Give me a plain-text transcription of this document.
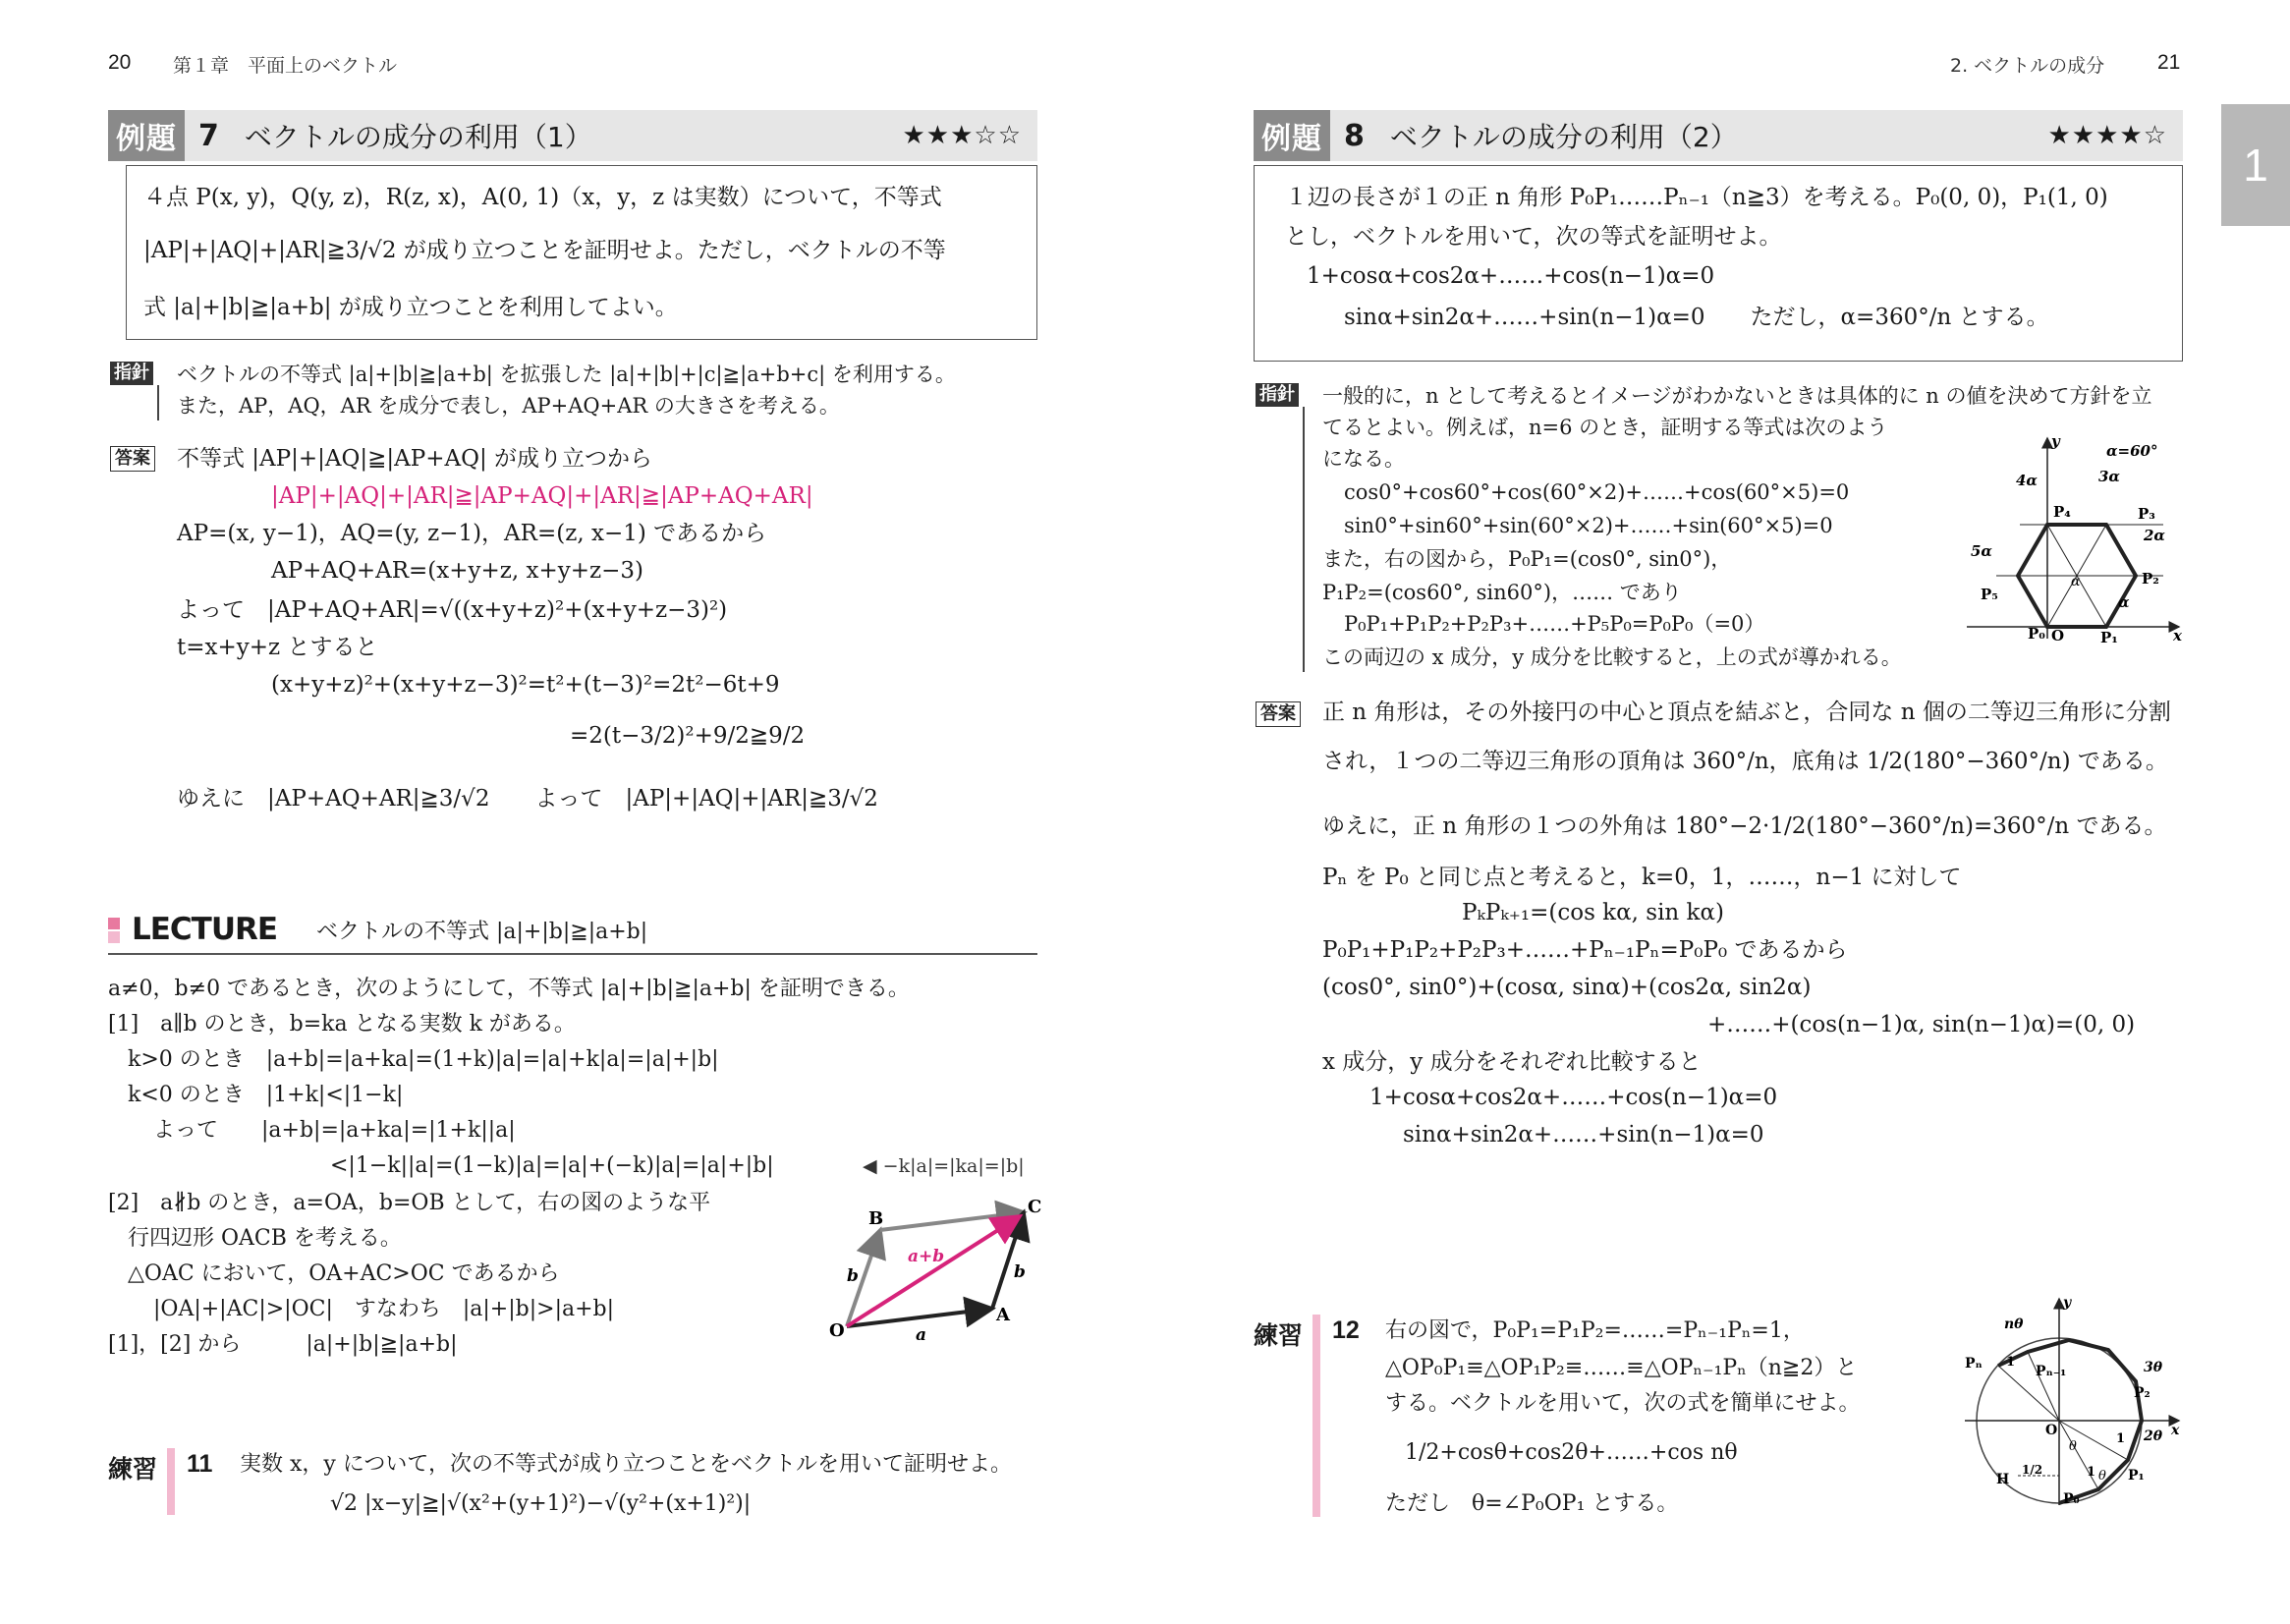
20 第１章　平面上のベクトル	2. ベクトルの成分	21
1
例題 7 ベクトルの成分の利用（1）	★★★☆☆
４点 P(x, y)，Q(y, z)，R(z, x)，A(0, 1)（x，y，z は実数）について，不等式
|AP|+|AQ|+|AR|≧3/√2 が成り立つことを証明せよ。ただし，ベクトルの不等
式 |a|+|b|≧|a+b| が成り立つことを利用してよい。
指針 ベクトルの不等式 |a|+|b|≧|a+b| を拡張した |a|+|b|+|c|≧|a+b+c| を利用する。
また，AP，AQ，AR を成分で表し，AP+AQ+AR の大きさを考える。
答案 不等式 |AP|+|AQ|≧|AP+AQ| が成り立つから
|AP|+|AQ|+|AR|≧|AP+AQ|+|AR|≧|AP+AQ+AR|
AP=(x, y−1)，AQ=(y, z−1)，AR=(z, x−1) であるから
AP+AQ+AR=(x+y+z, x+y+z−3)
よって　|AP+AQ+AR|=√((x+y+z)²+(x+y+z−3)²)
t=x+y+z とすると
(x+y+z)²+(x+y+z−3)²=t²+(t−3)²=2t²−6t+9
=2(t−3/2)²+9/2≧9/2
ゆえに　|AP+AQ+AR|≧3/√2　　よって　|AP|+|AQ|+|AR|≧3/√2
LECTURE ベクトルの不等式 |a|+|b|≧|a+b|
a≠0，b≠0 であるとき，次のようにして，不等式 |a|+|b|≧|a+b| を証明できる。
[1]　a∥b のとき，b=ka となる実数 k がある。
k>0 のとき　|a+b|=|a+ka|=(1+k)|a|=|a|+k|a|=|a|+|b|
k<0 のとき　|1+k|<|1−k|
よって　　|a+b|=|a+ka|=|1+k||a|
<|1−k||a|=(1−k)|a|=|a|+(−k)|a|=|a|+|b|	◀ −k|a|=|ka|=|b|
[2]　a∦b のとき，a=OA，b=OB として，右の図のような平
行四辺形 OACB を考える。
△OAC において，OA+AC>OC であるから
|OA|+|AC|>|OC|　すなわち　|a|+|b|>|a+b|
[1]，[2] から　　　|a|+|b|≧|a+b|
O
A
B
C
a
b	b
a+b
練習 11 実数 x，y について，次の不等式が成り立つことをベクトルを用いて証明せよ。
√2 |x−y|≧|√(x²+(y+1)²)−√(y²+(x+1)²)|
例題 8 ベクトルの成分の利用（2）	★★★★☆
１辺の長さが１の正 n 角形 P₀P₁……Pₙ₋₁（n≧3）を考える。P₀(0, 0)，P₁(1, 0)
とし，ベクトルを用いて，次の等式を証明せよ。
1+cosα+cos2α+……+cos(n−1)α=0
sinα+sin2α+……+sin(n−1)α=0　　ただし，α=360°/n とする。
指針 一般的に，n として考えるとイメージがわかないときは具体的に n の値を決めて方針を立
てるとよい。例えば，n=6 のとき，証明する等式は次のよう
になる。
cos0°+cos60°+cos(60°×2)+……+cos(60°×5)=0
sin0°+sin60°+sin(60°×2)+……+sin(60°×5)=0
また，右の図から，P₀P₁=(cos0°, sin0°)，
P₁P₂=(cos60°, sin60°)，…… であり
P₀P₁+P₁P₂+P₂P₃+……+P₅P₀=P₀P₀（=0）
この両辺の x 成分，y 成分を比較すると，上の式が導かれる。
y
x
O
α=60°
4α	3α
2α
5α
α
α
P₀	P₁
P₂
P₃
P₄
P₅
答案 正 n 角形は，その外接円の中心と頂点を結ぶと，合同な n 個の二等辺三角形に分割
され，１つの二等辺三角形の頂角は 360°/n，底角は 1/2(180°−360°/n) である。
ゆえに，正 n 角形の１つの外角は 180°−2·1/2(180°−360°/n)=360°/n である。
Pₙ を P₀ と同じ点と考えると，k=0，1，……，n−1 に対して
PₖPₖ₊₁=(cos kα, sin kα)
P₀P₁+P₁P₂+P₂P₃+……+Pₙ₋₁Pₙ=P₀P₀ であるから
(cos0°, sin0°)+(cosα, sinα)+(cos2α, sin2α)
+……+(cos(n−1)α, sin(n−1)α)=(0, 0)
x 成分，y 成分をそれぞれ比較すると
1+cosα+cos2α+……+cos(n−1)α=0
sinα+sin2α+……+sin(n−1)α=0
練習 12 右の図で，P₀P₁=P₁P₂=……=Pₙ₋₁Pₙ=1，
△OP₀P₁≡△OP₁P₂≡……≡△OPₙ₋₁Pₙ（n≧2）と
する。ベクトルを用いて，次の式を簡単にせよ。
1/2+cosθ+cos2θ+……+cos nθ
ただし　θ=∠P₀OP₁ とする。
y
x
O
H
1/2
nθ
3θ
2θ
θ
θ
Pₙ	Pₙ₋₁
P₂
P₁
P₀
1
1
1
